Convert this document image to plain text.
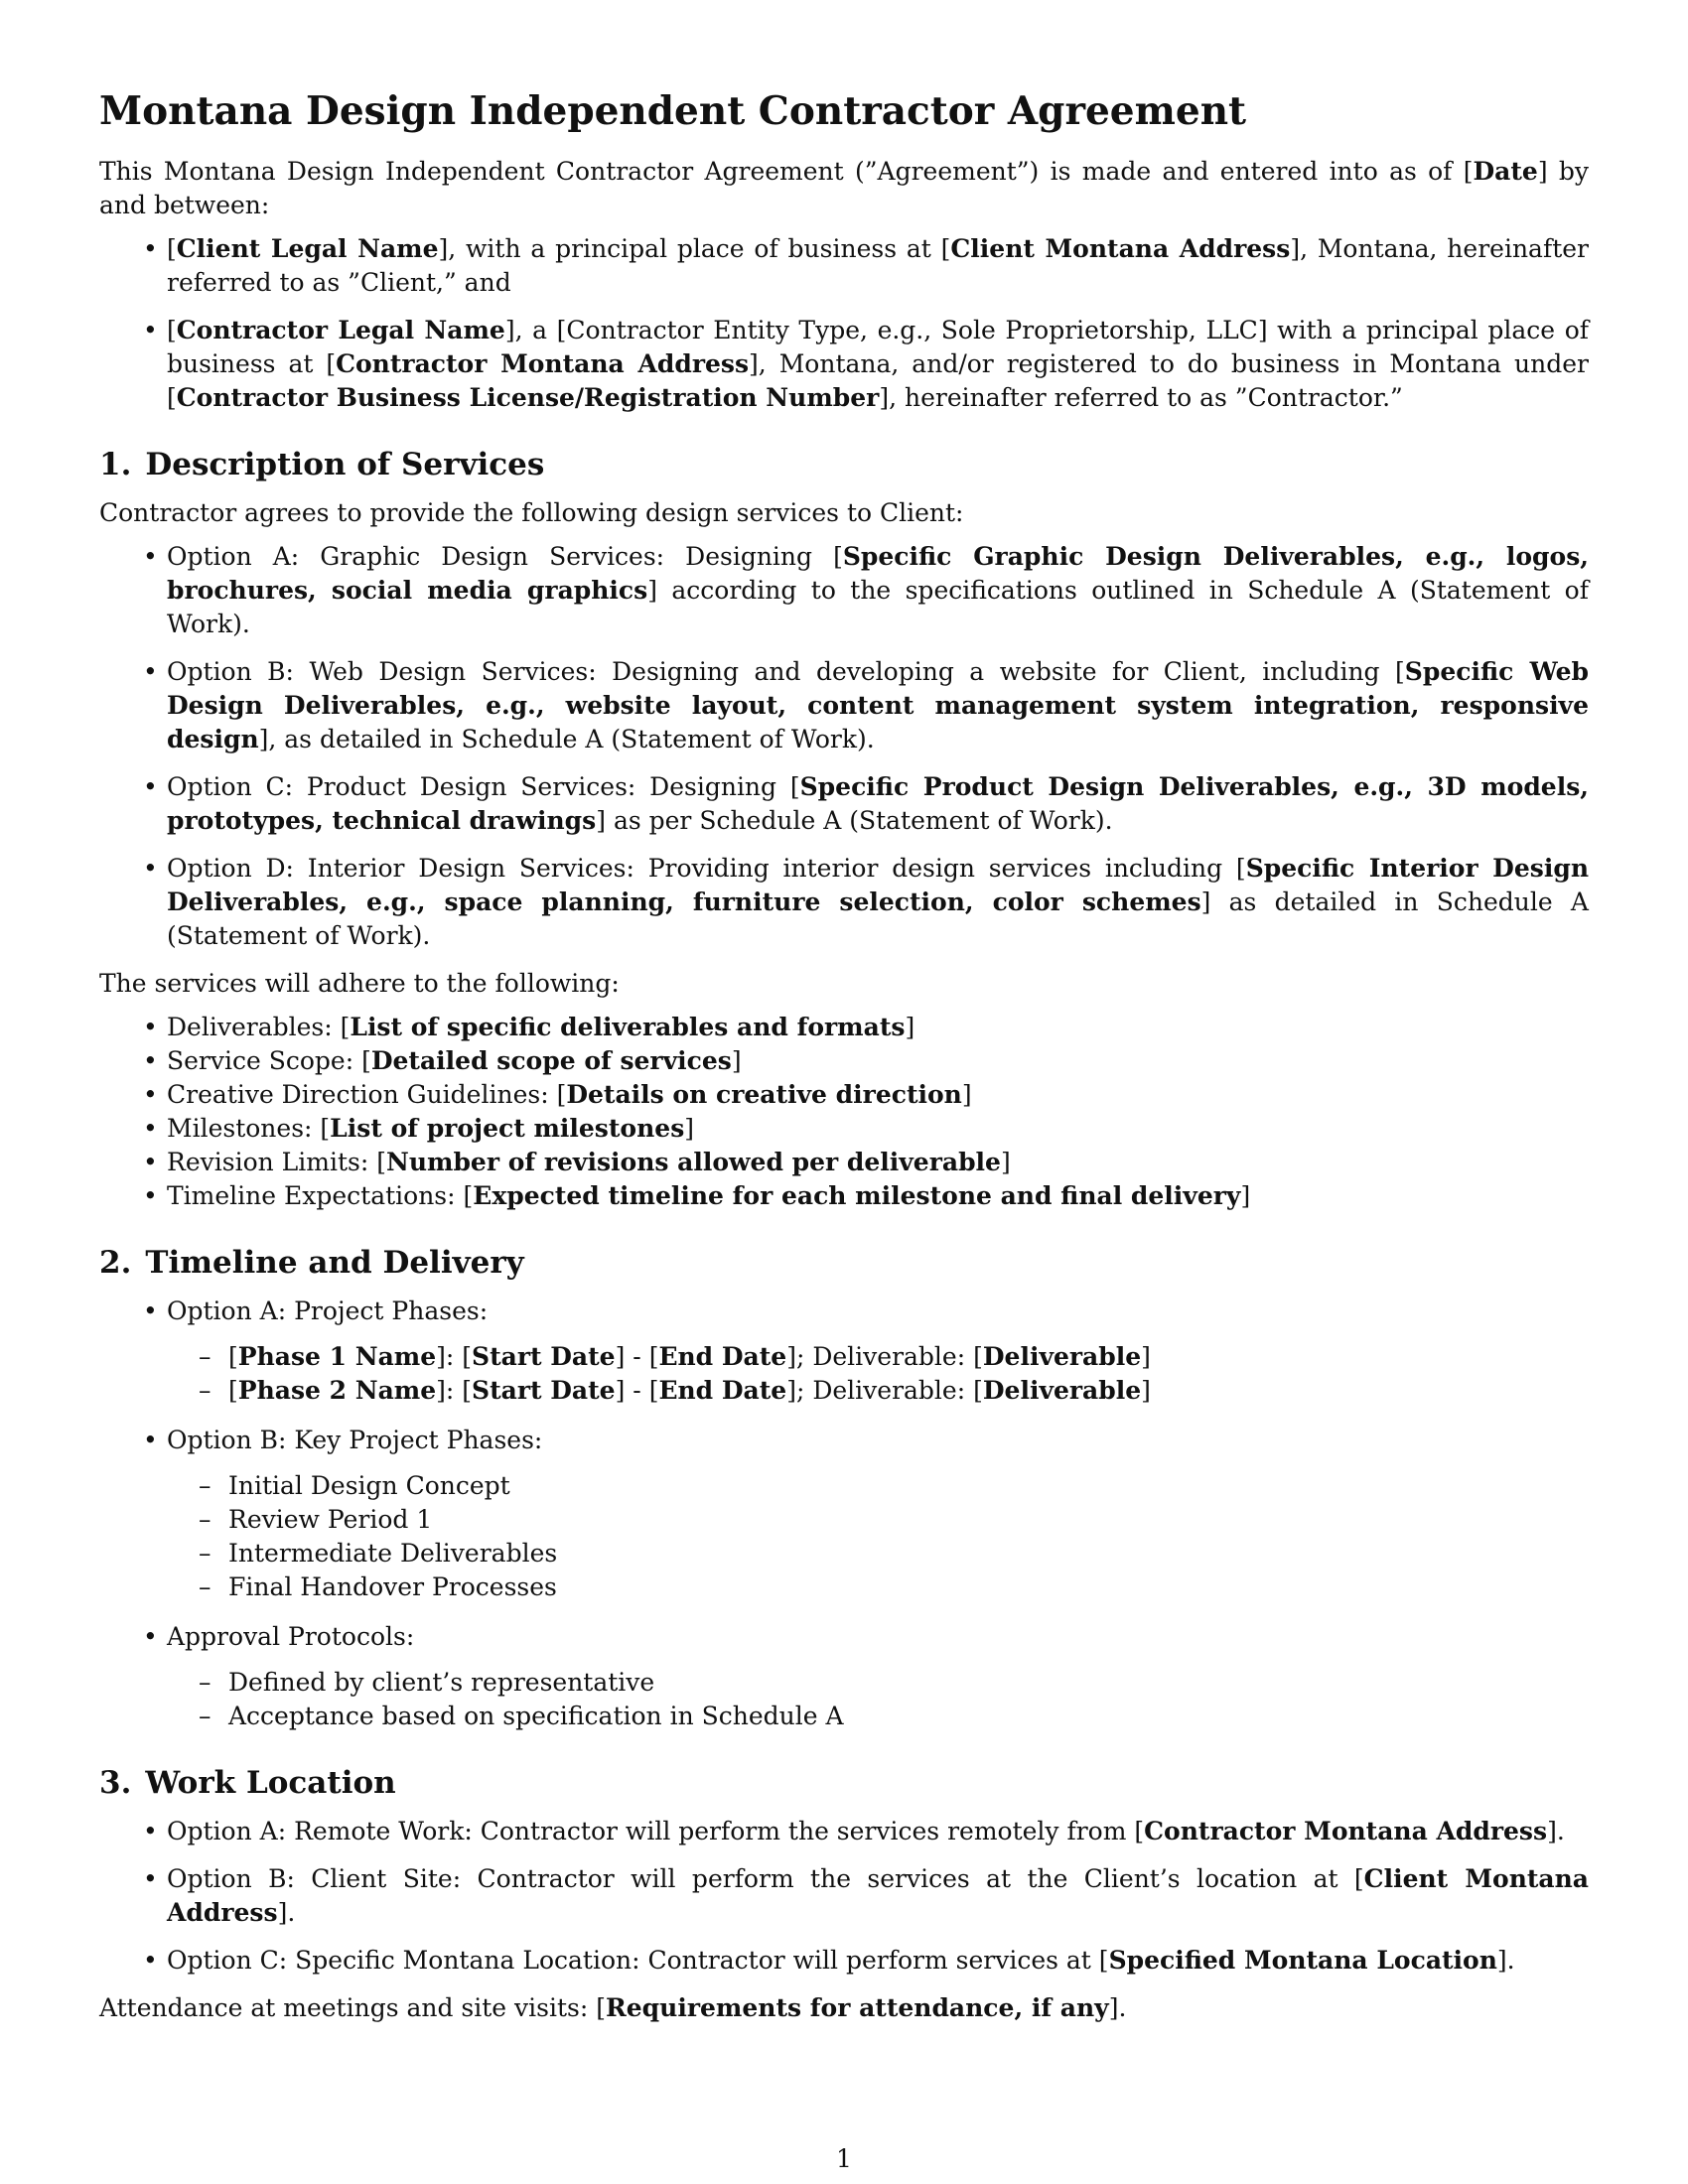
Montana Design Independent Contractor Agreement

This Montana Design Independent Contractor Agreement (”Agreement”) is made and entered into as of [Date] by and between:

• [Client Legal Name], with a principal place of business at [Client Montana Address], Montana, hereinafter referred to as ”Client,” and
• [Contractor Legal Name], a [Contractor Entity Type, e.g., Sole Proprietorship, LLC] with a principal place of business at [Contractor Montana Address], Montana, and/or registered to do business in Montana under [Contractor Business License/Registration Number], hereinafter referred to as ”Contractor.”
1. Description of Services

Contractor agrees to provide the following design services to Client:

• Option A: Graphic Design Services: Designing [Specific Graphic Design Deliverables, e.g., logos, brochures, social media graphics] according to the specifications outlined in Schedule A (Statement of Work).
• Option B: Web Design Services: Designing and developing a website for Client, including [Specific Web Design Deliverables, e.g., website layout, content management system integration, responsive design], as detailed in Schedule A (Statement of Work).
• Option C: Product Design Services: Designing [Specific Product Design Deliverables, e.g., 3D models, prototypes, technical drawings] as per Schedule A (Statement of Work).
• Option D: Interior Design Services: Providing interior design services including [Specific Interior Design Deliverables, e.g., space planning, furniture selection, color schemes] as detailed in Schedule A (Statement of Work).

The services will adhere to the following:

• Deliverables: [List of specific deliverables and formats]
• Service Scope: [Detailed scope of services]
• Creative Direction Guidelines: [Details on creative direction]
• Milestones: [List of project milestones]
• Revision Limits: [Number of revisions allowed per deliverable]
• Timeline Expectations: [Expected timeline for each milestone and final delivery]
2. Timeline and Delivery
• Option A: Project Phases:
– [Phase 1 Name]: [Start Date] - [End Date]; Deliverable: [Deliverable]
– [Phase 2 Name]: [Start Date] - [End Date]; Deliverable: [Deliverable]
• Option B: Key Project Phases:
– Initial Design Concept
– Review Period 1
– Intermediate Deliverables
– Final Handover Processes
• Approval Protocols:
– Defined by client’s representative
– Acceptance based on specification in Schedule A
3. Work Location
• Option A: Remote Work: Contractor will perform the services remotely from [Contractor Montana Address].
• Option B: Client Site: Contractor will perform the services at the Client’s location at [Client Montana Address].
• Option C: Specific Montana Location: Contractor will perform services at [Specified Montana Location].

Attendance at meetings and site visits: [Requirements for attendance, if any].

1
